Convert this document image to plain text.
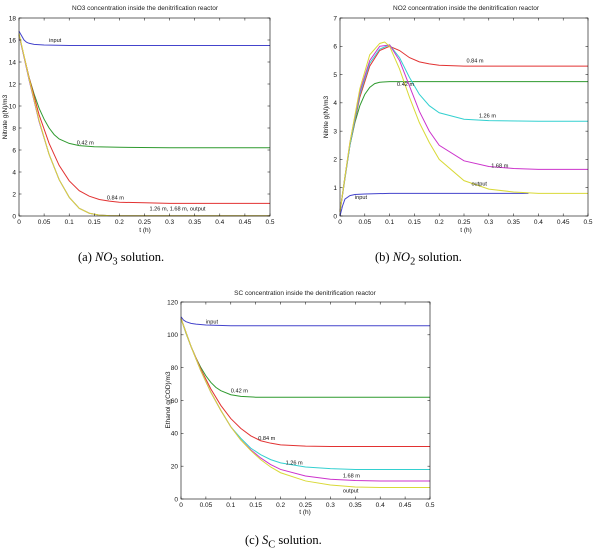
NO3 concentration inside the denitrification reactor
0	0.05 0.1 0.15 0.2 0.25 0.3 0.35 0.4 0.45 0.5
0
2
4
6
8
10
12
14
16
18
t (h)
Nitrate g(N)/m3
input
0.42 m
0.84 m
1.26 m, 1.68 m, output
NO2 concentration inside the denitrification reactor
0	0.05 0.1 0.15 0.2 0.25 0.3 0.35 0.4 0.45 0.5
0
1
2
3
4
5
6
7
t (h)
Nitrite g(N)/m3
0.84 m
0.42 m
1.26 m
1.68 m
output
input
SC concentration inside the denitrification reactor
0	0.05 0.1 0.15 0.2 0.25 0.3 0.35 0.4 0.45 0.5
0
20
40
60
80
100
120
t (h)
Ethanol g(COD)/m3
input
0.42 m
0.84 m
1.26 m
1.68 m
output
(a) $NO_3$ solution.	(b) $NO_2$ solution.
(c) $S_C$ solution.
